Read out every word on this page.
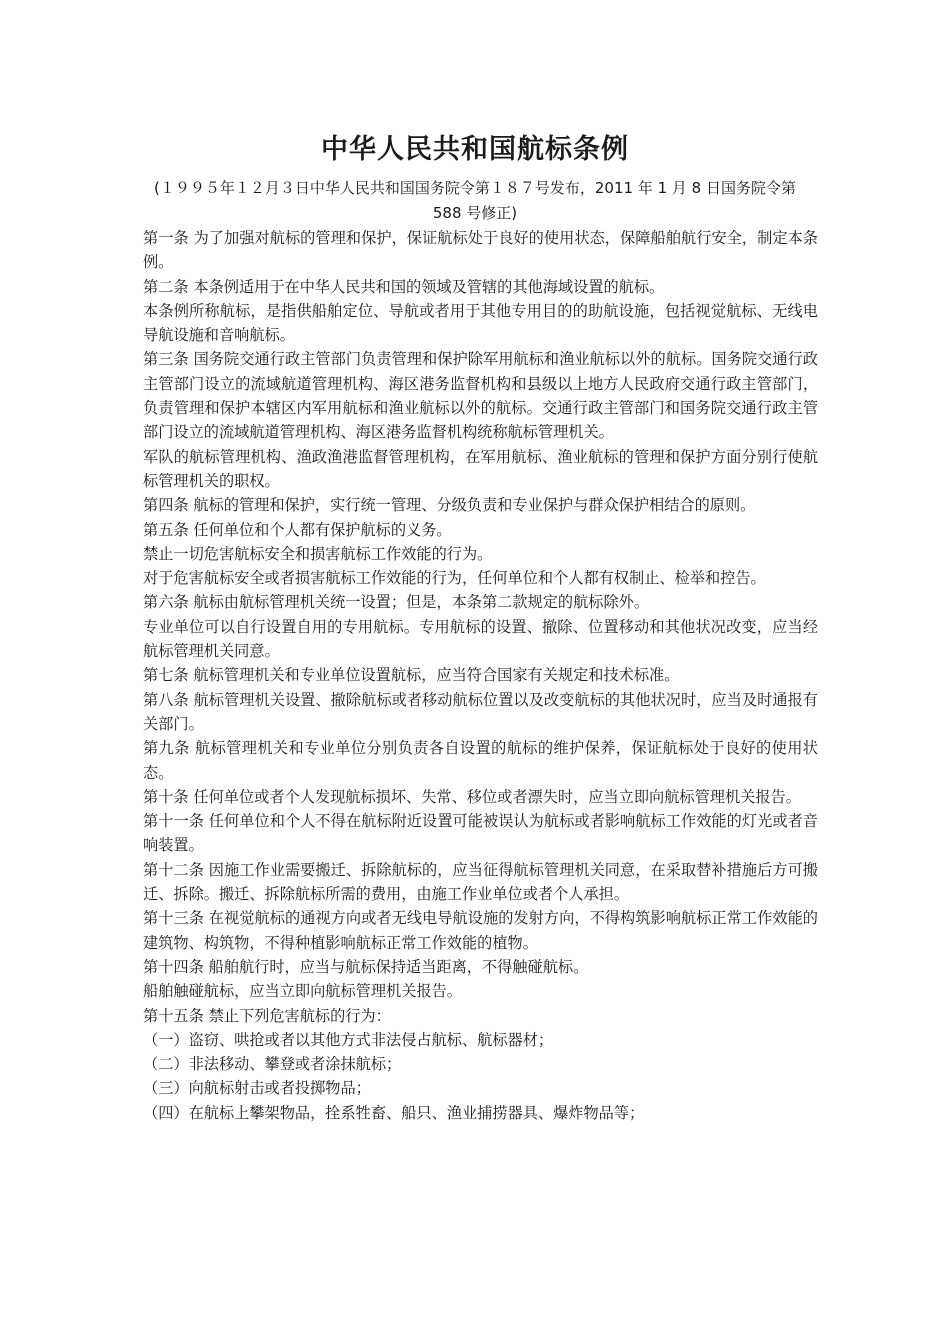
中华人民共和国航标条例
(１９９５年１２月３日中华人民共和国国务院令第１８７号发布，2011 年 1 月 8 日国务院令第 588 号修正)

第一条 为了加强对航标的管理和保护，保证航标处于良好的使用状态，保障船舶航行安全，制定本条例。

第二条 本条例适用于在中华人民共和国的领域及管辖的其他海域设置的航标。

本条例所称航标，是指供船舶定位、导航或者用于其他专用目的的助航设施，包括视觉航标、无线电导航设施和音响航标。

第三条 国务院交通行政主管部门负责管理和保护除军用航标和渔业航标以外的航标。国务院交通行政主管部门设立的流域航道管理机构、海区港务监督机构和县级以上地方人民政府交通行政主管部门，负责管理和保护本辖区内军用航标和渔业航标以外的航标。交通行政主管部门和国务院交通行政主管部门设立的流域航道管理机构、海区港务监督机构统称航标管理机关。

军队的航标管理机构、渔政渔港监督管理机构，在军用航标、渔业航标的管理和保护方面分别行使航标管理机关的职权。

第四条 航标的管理和保护，实行统一管理、分级负责和专业保护与群众保护相结合的原则。

第五条 任何单位和个人都有保护航标的义务。

禁止一切危害航标安全和损害航标工作效能的行为。

对于危害航标安全或者损害航标工作效能的行为，任何单位和个人都有权制止、检举和控告。

第六条 航标由航标管理机关统一设置；但是，本条第二款规定的航标除外。

专业单位可以自行设置自用的专用航标。专用航标的设置、撤除、位置移动和其他状况改变，应当经航标管理机关同意。

第七条 航标管理机关和专业单位设置航标，应当符合国家有关规定和技术标准。

第八条 航标管理机关设置、撤除航标或者移动航标位置以及改变航标的其他状况时，应当及时通报有关部门。

第九条 航标管理机关和专业单位分别负责各自设置的航标的维护保养，保证航标处于良好的使用状态。

第十条 任何单位或者个人发现航标损坏、失常、移位或者漂失时，应当立即向航标管理机关报告。

第十一条 任何单位和个人不得在航标附近设置可能被误认为航标或者影响航标工作效能的灯光或者音响装置。

第十二条 因施工作业需要搬迁、拆除航标的，应当征得航标管理机关同意，在采取替补措施后方可搬迁、拆除。搬迁、拆除航标所需的费用，由施工作业单位或者个人承担。

第十三条 在视觉航标的通视方向或者无线电导航设施的发射方向，不得构筑影响航标正常工作效能的建筑物、构筑物，不得种植影响航标正常工作效能的植物。

第十四条 船舶航行时，应当与航标保持适当距离，不得触碰航标。

船舶触碰航标，应当立即向航标管理机关报告。

第十五条 禁止下列危害航标的行为：

（一）盗窃、哄抢或者以其他方式非法侵占航标、航标器材；

（二）非法移动、攀登或者涂抹航标；

（三）向航标射击或者投掷物品；

（四）在航标上攀架物品，拴系牲畜、船只、渔业捕捞器具、爆炸物品等；
